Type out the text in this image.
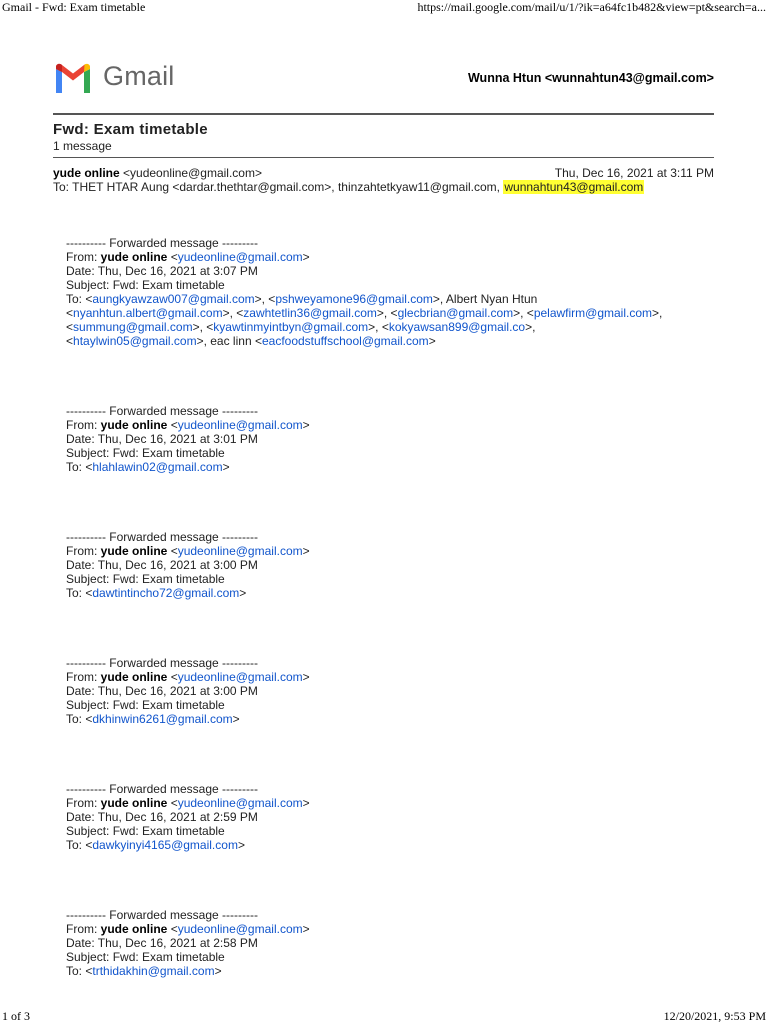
Gmail - Fwd: Exam timetable	https://mail.google.com/mail/u/1/?ik=a64fc1b482&view=pt&search=a...
Gmail	Wunna Htun <wunnahtun43@gmail.com>
Fwd: Exam timetable
1 message
yude online <yudeonline@gmail.com>	Thu, Dec 16, 2021 at 3:11 PM
To: THET HTAR Aung <dardar.thethtar@gmail.com>, thinzahtetkyaw11@gmail.com, wunnahtun43@gmail.com
---------- Forwarded message ---------
From: yude online <yudeonline@gmail.com>
Date: Thu, Dec 16, 2021 at 3:07 PM
Subject: Fwd: Exam timetable
To: <aungkyawzaw007@gmail.com>, <pshweyamone96@gmail.com>, Albert Nyan Htun
<nyanhtun.albert@gmail.com>, <zawhtetlin36@gmail.com>, <glecbrian@gmail.com>, <pelawfirm@gmail.com>,
<summung@gmail.com>, <kyawtinmyintbyn@gmail.com>, <kokyawsan899@gmail.co>,
<htaylwin05@gmail.com>, eac linn <eacfoodstuffschool@gmail.com>
---------- Forwarded message ---------
From: yude online <yudeonline@gmail.com>
Date: Thu, Dec 16, 2021 at 3:01 PM
Subject: Fwd: Exam timetable
To: <hlahlawin02@gmail.com>
---------- Forwarded message ---------
From: yude online <yudeonline@gmail.com>
Date: Thu, Dec 16, 2021 at 3:00 PM
Subject: Fwd: Exam timetable
To: <dawtintincho72@gmail.com>
---------- Forwarded message ---------
From: yude online <yudeonline@gmail.com>
Date: Thu, Dec 16, 2021 at 3:00 PM
Subject: Fwd: Exam timetable
To: <dkhinwin6261@gmail.com>
---------- Forwarded message ---------
From: yude online <yudeonline@gmail.com>
Date: Thu, Dec 16, 2021 at 2:59 PM
Subject: Fwd: Exam timetable
To: <dawkyinyi4165@gmail.com>
---------- Forwarded message ---------
From: yude online <yudeonline@gmail.com>
Date: Thu, Dec 16, 2021 at 2:58 PM
Subject: Fwd: Exam timetable
To: <trthidakhin@gmail.com>
1 of 3	12/20/2021, 9:53 PM
